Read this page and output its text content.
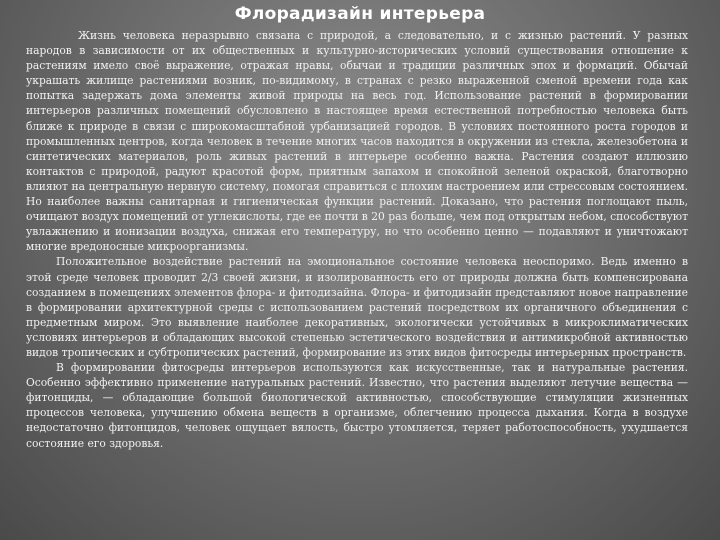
Флорадизайн интерьера

Жизнь человека неразрывно связана с природой, а следовательно, и с жизнью растений. У разных народов в зависимости от их общественных и культурно-исторических условий существования отношение к растениям имело своё выражение, отражая нравы, обычаи и традиции различных эпох и формаций. Обычай украшать жилище растениями возник, по-видимому, в странах с резко выраженной сменой времени года как попытка задержать дома элементы живой природы на весь год. Использование растений в формировании интерьеров различных помещений обусловлено в настоящее время естественной потребностью человека быть ближе к природе в связи с широкомасштабной урбанизацией городов. В условиях постоянного роста городов и промышленных центров, когда человек в течение многих часов находится в окружении из стекла, железобетона и синтетических материалов, роль живых растений в интерьере особенно важна. Растения создают иллюзию контактов с природой, радуют красотой форм, приятным запахом и спокойной зеленой окраской, благотворно влияют на центральную нервную систему, помогая справиться с плохим настроением или стрессовым состоянием. Но наиболее важны санитарная и гигиеническая функции растений. Доказано, что растения поглощают пыль, очищают воздух помещений от углекислоты, где ее почти в 20 раз больше, чем под открытым небом, способствуют увлажнению и ионизации воздуха, снижая его температуру, но что особенно ценно — подавляют и уничтожают многие вредоносные микроорганизмы.

Положительное воздействие растений на эмоциональное состояние человека неоспоримо. Ведь именно в этой среде человек проводит 2/3 своей жизни, и изолированность его от природы должна быть компенсирована созданием в помещениях элементов флора- и фитодизайна. Флора- и фитодизайн представляют новое направление в формировании архитектурной среды с использованием растений посредством их органичного объединения с предметным миром. Это выявление наиболее декоративных, экологически устойчивых в микроклиматических условиях интерьеров и обладающих высокой степенью эстетического воздействия и антимикробной активностью видов тропических и субтропических растений, формирование из этих видов фитосреды интерьерных пространств.

В формировании фитосреды интерьеров используются как искусственные, так и натуральные растения. Особенно эффективно применение натуральных растений. Известно, что растения выделяют летучие вещества — фитонциды, — обладающие большой биологической активностью, способствующие стимуляции жизненных процессов человека, улучшению обмена веществ в организме, облегчению процесса дыхания. Когда в воздухе недостаточно фитонцидов, человек ощущает вялость, быстро утомляется, теряет работоспособность, ухудшается состояние его здоровья.
